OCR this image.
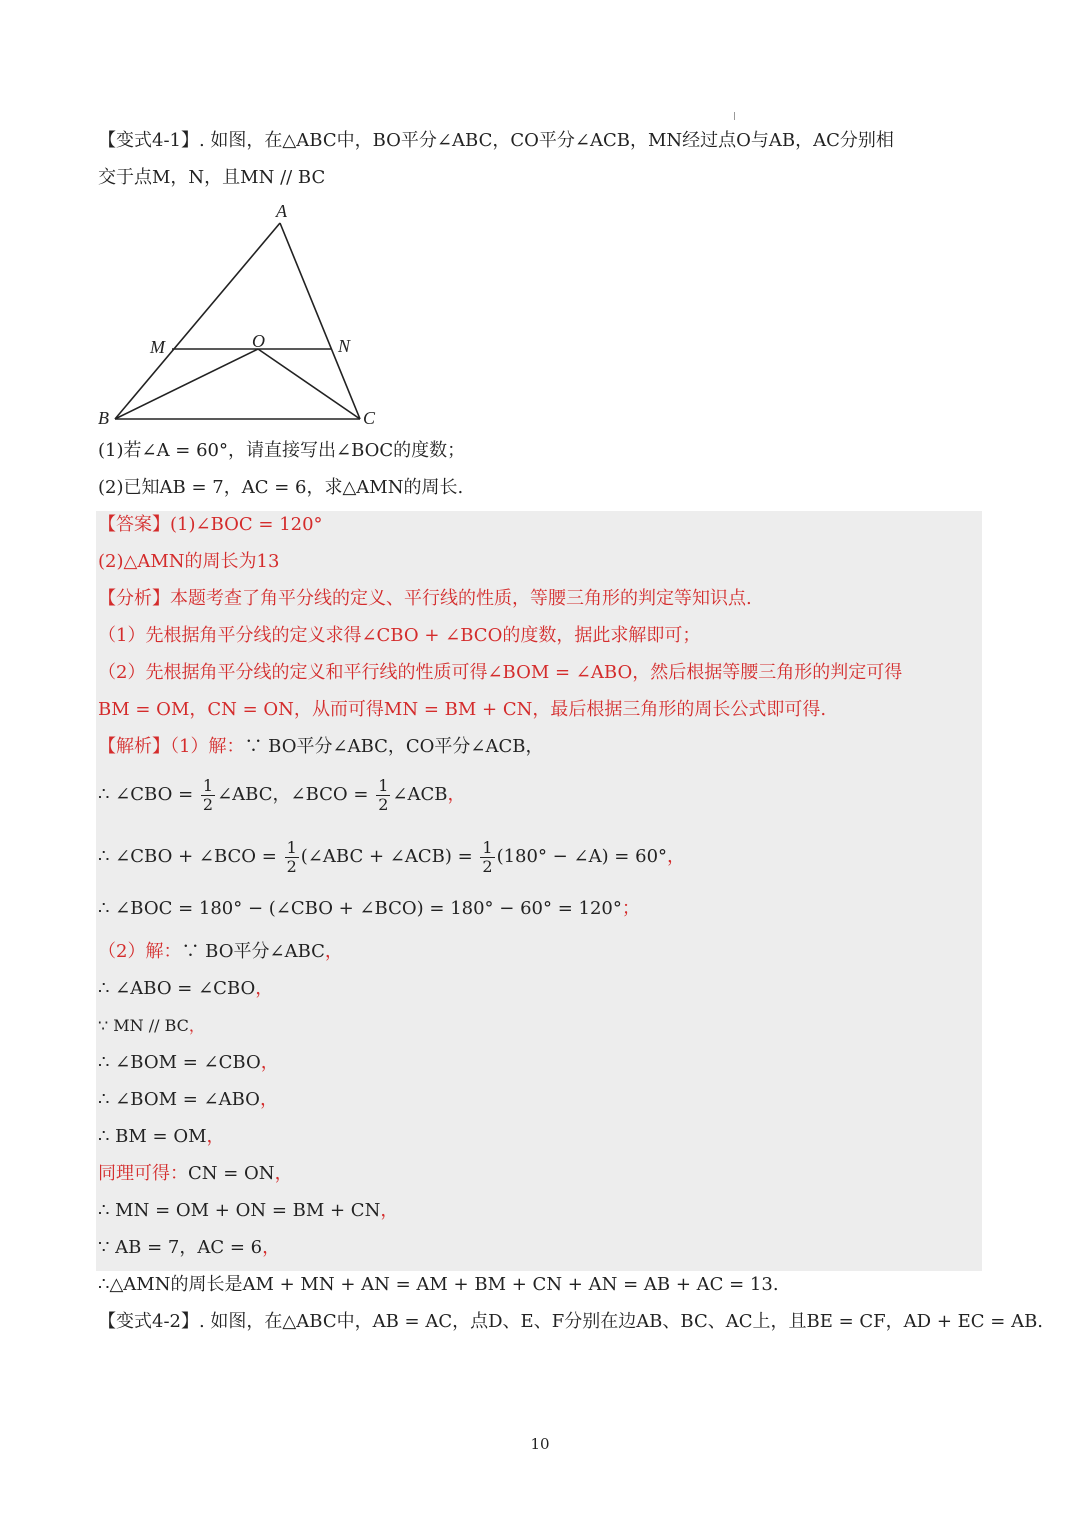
【变式4-1】. 如图，在△ABC中，BO平分∠ABC，CO平分∠ACB，MN经过点O与AB，AC分别相
交于点M，N，且MN // BC
A
B	C
M	N
O
(1)若∠A = 60°，请直接写出∠BOC的度数；
(2)已知AB = 7，AC = 6，求△AMN的周长.
【答案】(1)∠BOC = 120°
(2)△AMN的周长为13
【分析】本题考查了角平分线的定义、平行线的性质，等腰三角形的判定等知识点.
（1）先根据角平分线的定义求得∠CBO + ∠BCO的度数，据此求解即可；
（2）先根据角平分线的定义和平行线的性质可得∠BOM = ∠ABO，然后根据等腰三角形的判定可得
BM = OM，CN = ON，从而可得MN = BM + CN，最后根据三角形的周长公式即可得.
【解析】（1）解：∵ BO平分∠ABC，CO平分∠ACB，
∴ ∠CBO = $\frac{1}{2}$ ∠ABC，∠BCO = $\frac{1}{2}$ ∠ACB，
∴ ∠CBO + ∠BCO = $\frac{1}{2}$ (∠ABC + ∠ACB) = $\frac{1}{2} (180^\circ$ − ∠A) = 60°，
∴ ∠BOC = 180° − (∠CBO + ∠BCO) = 180° − 60° = 120°；
（2）解：∵ BO平分∠ABC，
∴ ∠ABO = ∠CBO，
∵ MN // BC，
∴ ∠BOM = ∠CBO，
∴ ∠BOM = ∠ABO，
∴ BM = OM，
同理可得：CN = ON，
∴ MN = OM + ON = BM + CN，
∵ AB = 7，AC = 6，
∴△AMN的周长是AM + MN + AN = AM + BM + CN + AN = AB + AC = 13.
【变式4-2】. 如图，在△ABC中，AB = AC，点D、E、F分别在边AB、BC、AC上，且BE = CF，AD + EC = AB.
10
